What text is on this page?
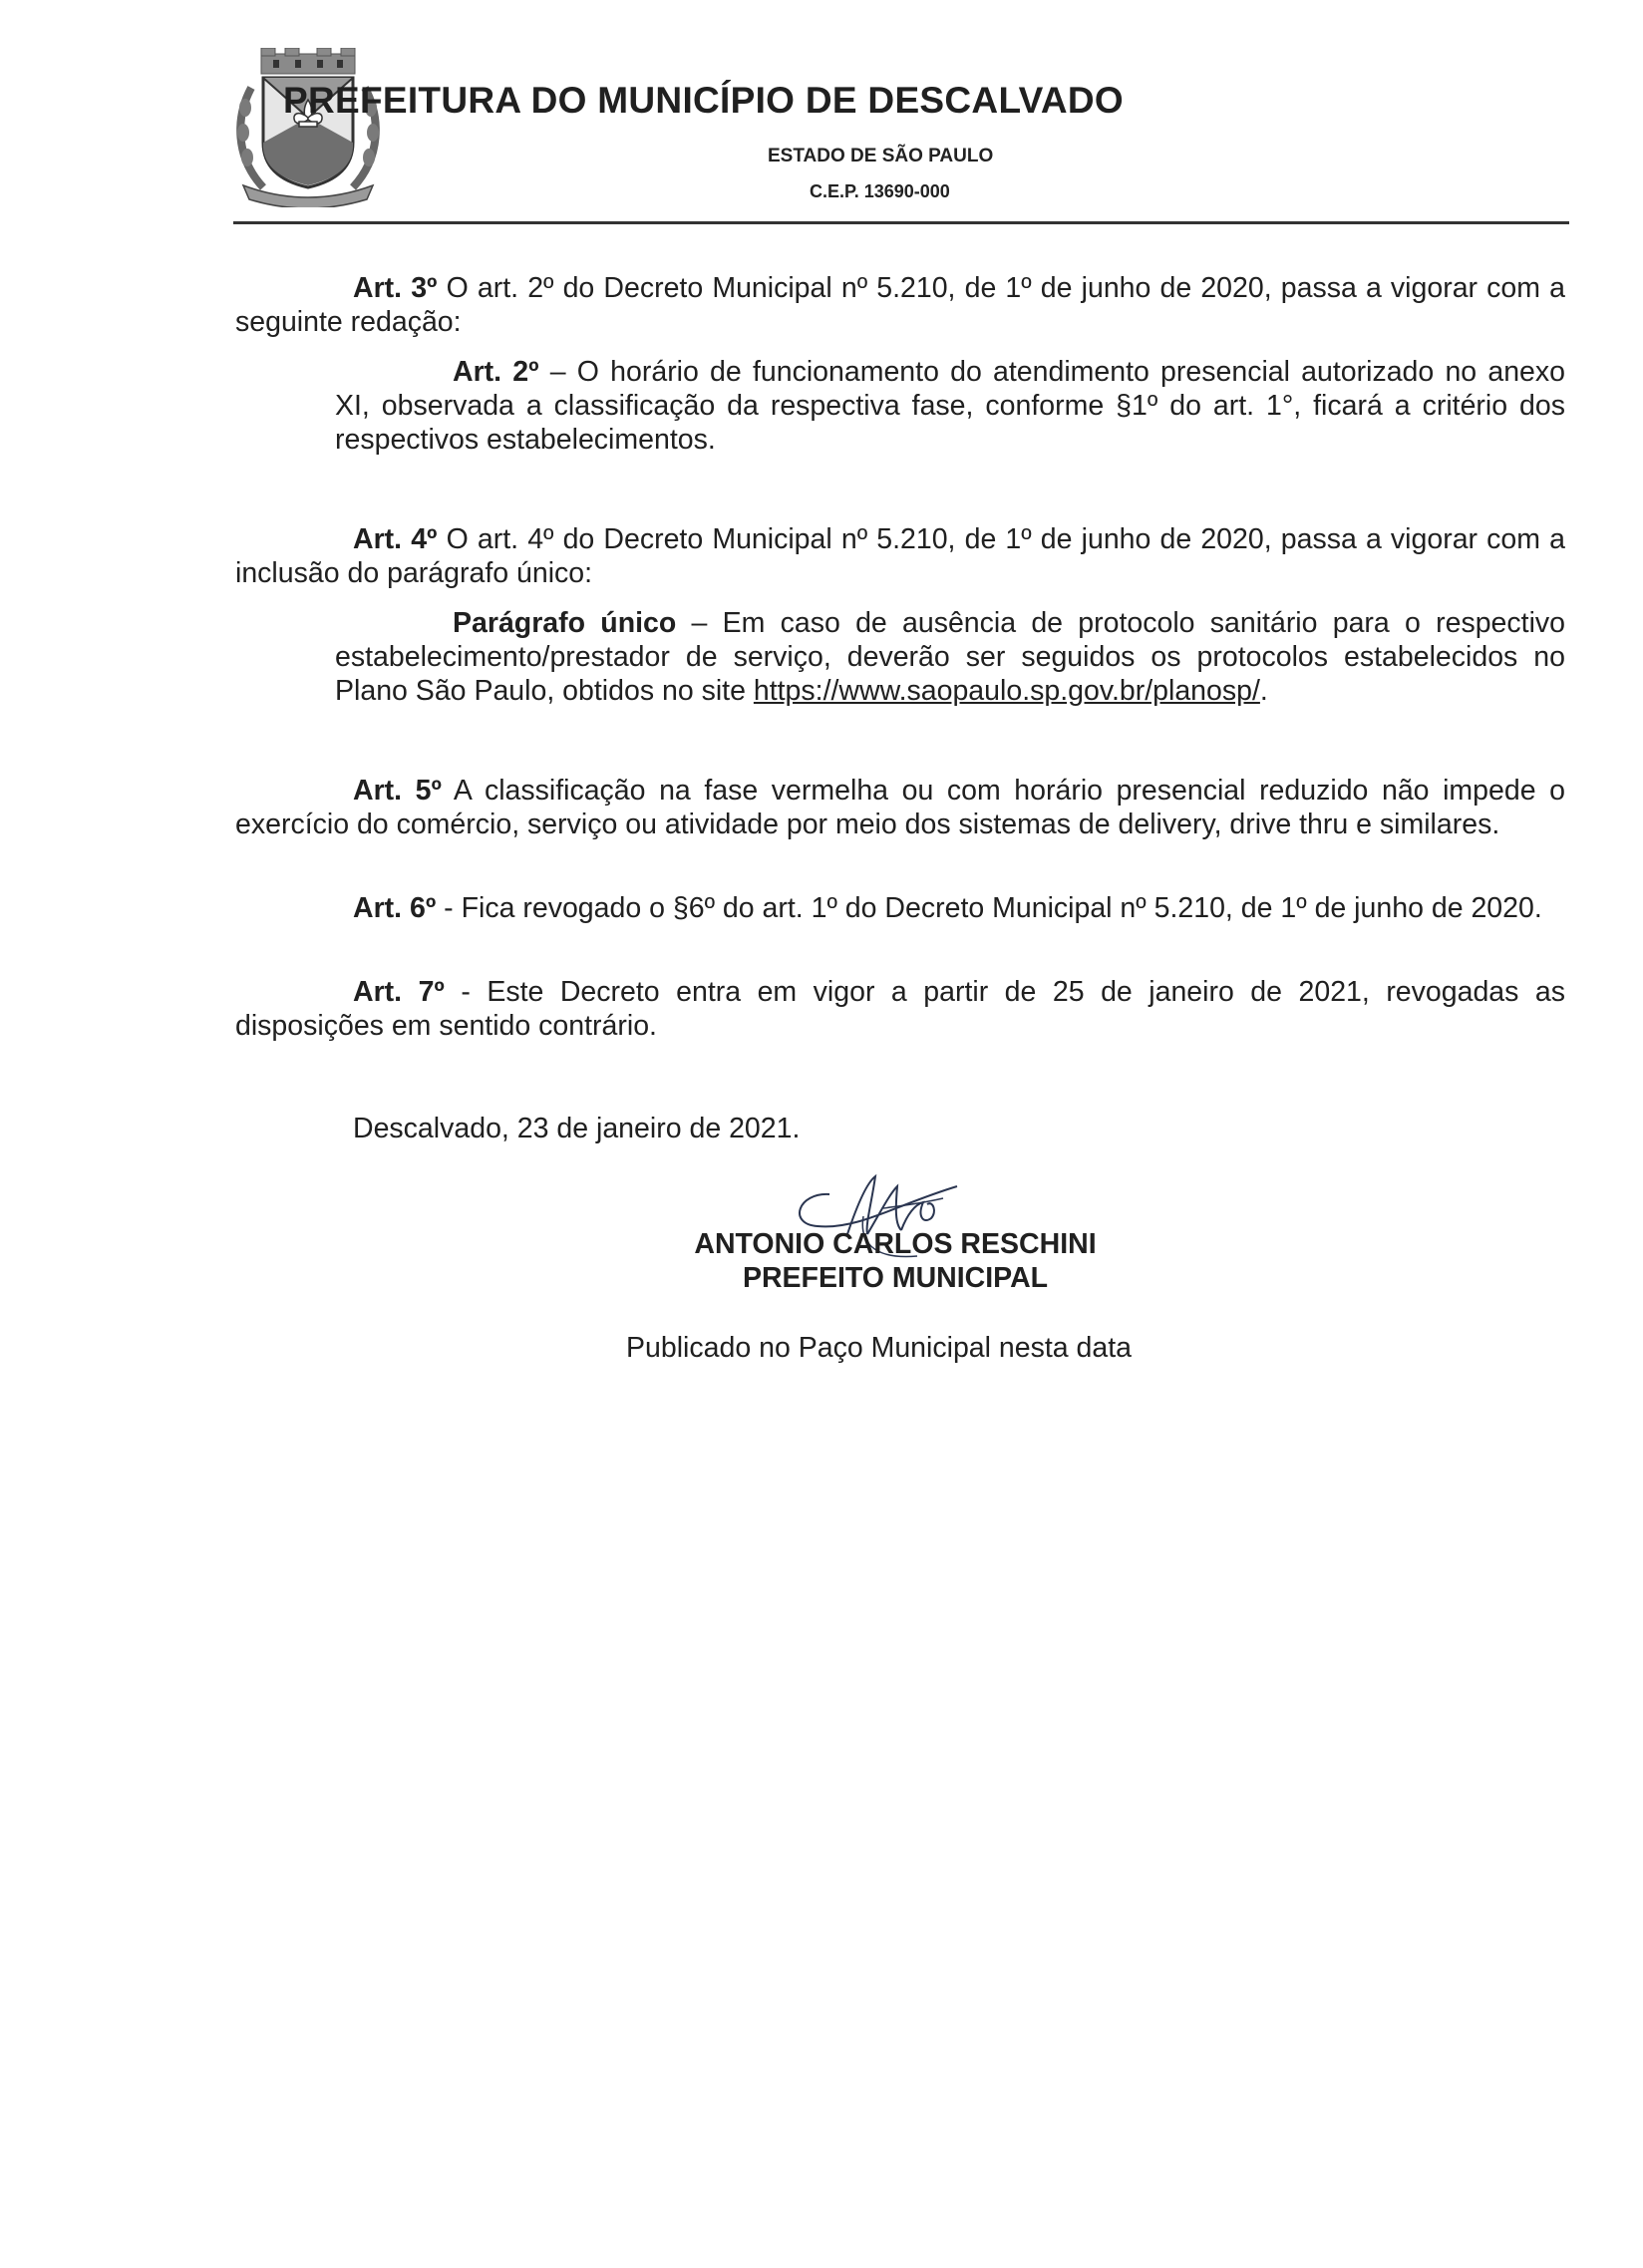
PREFEITURA DO MUNICÍPIO DE DESCALVADO
ESTADO DE SÃO PAULO
C.E.P. 13690-000
Art. 3º O art. 2º do Decreto Municipal nº 5.210, de 1º de junho de 2020, passa a vigorar com a seguinte redação:
Art. 2º – O horário de funcionamento do atendimento presencial autorizado no anexo XI, observada a classificação da respectiva fase, conforme §1º do art. 1°, ficará a critério dos respectivos estabelecimentos.
Art. 4º O art. 4º do Decreto Municipal nº 5.210, de 1º de junho de 2020, passa a vigorar com a inclusão do parágrafo único:
Parágrafo único – Em caso de ausência de protocolo sanitário para o respectivo estabelecimento/prestador de serviço, deverão ser seguidos os protocolos estabelecidos no Plano São Paulo, obtidos no site https://www.saopaulo.sp.gov.br/planosp/.
Art. 5º A classificação na fase vermelha ou com horário presencial reduzido não impede o exercício do comércio, serviço ou atividade por meio dos sistemas de delivery, drive thru e similares.
Art. 6º - Fica revogado o §6º do art. 1º do Decreto Municipal nº 5.210, de 1º de junho de 2020.
Art. 7º - Este Decreto entra em vigor a partir de 25 de janeiro de 2021, revogadas as disposições em sentido contrário.
Descalvado, 23 de janeiro de 2021.
ANTONIO CARLOS RESCHINI
PREFEITO MUNICIPAL
Publicado no Paço Municipal nesta data
